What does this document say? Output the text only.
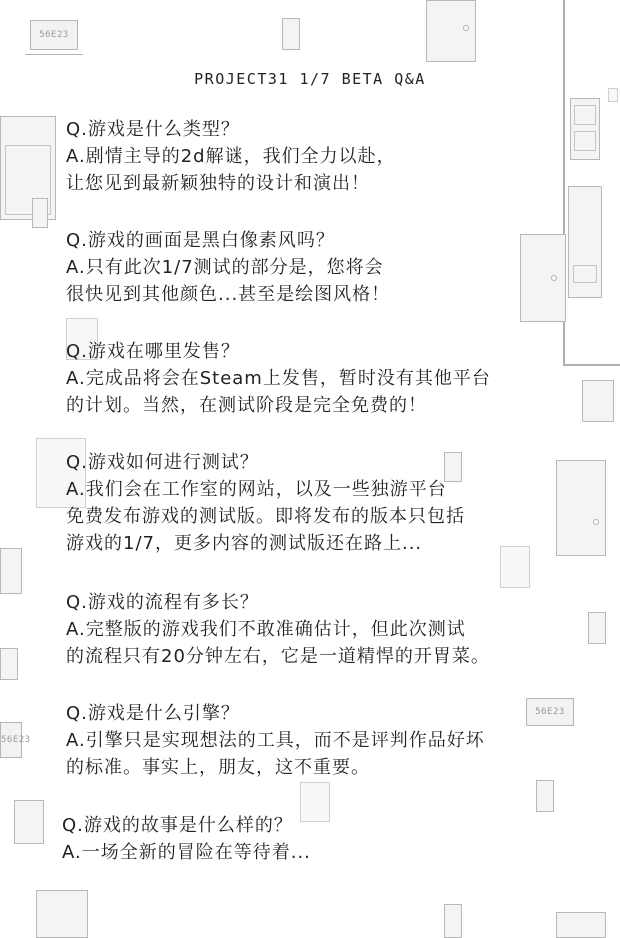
56E23
56E23
56E23
PROJECT31 1/7 BETA Q&A
Q.游戏是什么类型？
A.剧情主导的2d解谜，我们全力以赴，
让您见到最新颖独特的设计和演出！
Q.游戏的画面是黑白像素风吗？
A.只有此次1/7测试的部分是，您将会
很快见到其他颜色...甚至是绘图风格！
Q.游戏在哪里发售？
A.完成品将会在Steam上发售，暂时没有其他平台
的计划。当然，在测试阶段是完全免费的！
Q.游戏如何进行测试？
A.我们会在工作室的网站，以及一些独游平台
免费发布游戏的测试版。即将发布的版本只包括
游戏的1/7，更多内容的测试版还在路上...
Q.游戏的流程有多长？
A.完整版的游戏我们不敢准确估计，但此次测试
的流程只有20分钟左右，它是一道精悍的开胃菜。
Q.游戏是什么引擎？
A.引擎只是实现想法的工具，而不是评判作品好坏
的标准。事实上，朋友，这不重要。
Q.游戏的故事是什么样的？
A.一场全新的冒险在等待着...
